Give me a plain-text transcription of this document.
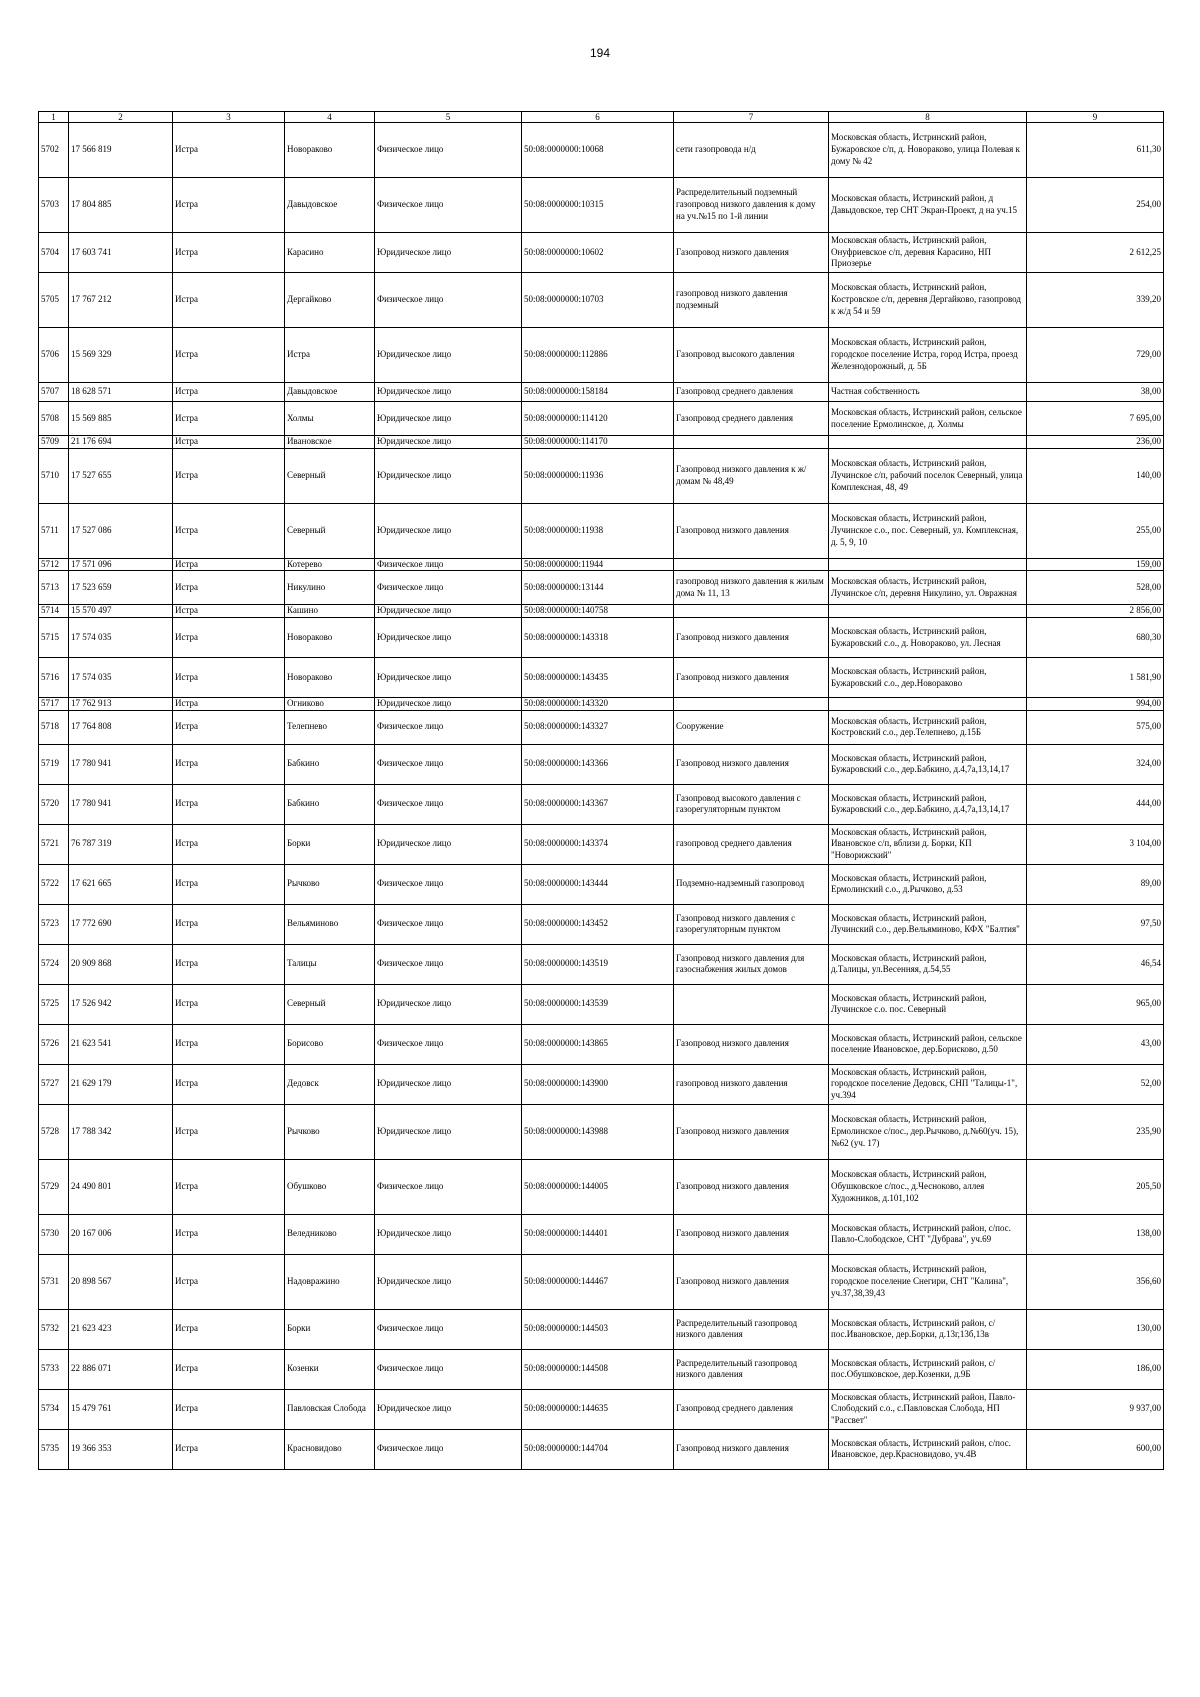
194
1	2	3	4	5	6	7	8	9
5702	17 566 819	Истра	Новораково	Физическое лицо	50:08:0000000:10068	сети газопровода н/д	Московская область, Истринский район, Бужаровское с/п, д. Новораково, улица Полевая к дому № 42	611,30
5703	17 804 885	Истра	Давыдовское	Физическое лицо	50:08:0000000:10315	Распределительный подземный газопровод низкого давления к дому на уч.№15 по 1-й линии	Московская область, Истринский район, д Давыдовское, тер СНТ Экран-Проект, д на уч.15	254,00
5704	17 603 741	Истра	Карасино	Юридическое лицо	50:08:0000000:10602	Газопровод низкого давления	Московская область, Истринский район, Онуфриевское с/п, деревня Карасино, НП Приозерье	2 612,25
5705	17 767 212	Истра	Дергайково	Физическое лицо	50:08:0000000:10703	газопровод низкого давления подземный	Московская область, Истринский район, Костровское с/п, деревня Дергайково, газопровод к ж/д 54 и 59	339,20
5706	15 569 329	Истра	Истра	Юридическое лицо	50:08:0000000:112886	Газопровод высокого давления	Московская область, Истринский район, городское поселение Истра, город Истра, проезд Железнодорожный, д. 5Б	729,00
5707	18 628 571	Истра	Давыдовское	Юридическое лицо	50:08:0000000:158184	Газопровод среднего давления	Частная собственность	38,00
5708	15 569 885	Истра	Холмы	Юридическое лицо	50:08:0000000:114120	Газопровод среднего давления	Московская область, Истринский район, сельское поселение Ермолинское, д. Холмы	7 695,00
5709	21 176 694	Истра	Ивановское	Юридическое лицо	50:08:0000000:114170			236,00
5710	17 527 655	Истра	Северный	Юридическое лицо	50:08:0000000:11936	Газопровод низкого давления к ж/домам № 48,49	Московская область, Истринский район, Лучинское с/п, рабочий поселок Северный, улица Комплексная, 48, 49	140,00
5711	17 527 086	Истра	Северный	Юридическое лицо	50:08:0000000:11938	Газопровод низкого давления	Московская область, Истринский район, Лучинское с.о., пос. Северный, ул. Комплексная, д. 5, 9, 10	255,00
5712	17 571 096	Истра	Котерево	Физическое лицо	50:08:0000000:11944			159,00
5713	17 523 659	Истра	Никулино	Физическое лицо	50:08:0000000:13144	газопровод низкого давления к жилым дома № 11, 13	Московская область, Истринский район, Лучинское с/п, деревня Никулино, ул. Овражная	528,00
5714	15 570 497	Истра	Кашино	Юридическое лицо	50:08:0000000:140758			2 856,00
5715	17 574 035	Истра	Новораково	Юридическое лицо	50:08:0000000:143318	Газопровод низкого давления	Московская область, Истринский район, Бужаровский с.о., д. Новораково, ул. Лесная	680,30
5716	17 574 035	Истра	Новораково	Юридическое лицо	50:08:0000000:143435	Газопровод низкого давления	Московская область, Истринский район, Бужаровский с.о., дер.Новораково	1 581,90
5717	17 762 913	Истра	Огниково	Юридическое лицо	50:08:0000000:143320			994,00
5718	17 764 808	Истра	Телепнево	Физическое лицо	50:08:0000000:143327	Сооружение	Московская область, Истринский район, Костровский с.о., дер.Телепнево, д.15Б	575,00
5719	17 780 941	Истра	Бабкино	Физическое лицо	50:08:0000000:143366	Газопровод низкого давления	Московская область, Истринский район, Бужаровский с.о., дер.Бабкино, д.4,7а,13,14,17	324,00
5720	17 780 941	Истра	Бабкино	Физическое лицо	50:08:0000000:143367	Газопровод высокого давления с газорегуляторным пунктом	Московская область, Истринский район, Бужаровский с.о., дер.Бабкино, д.4,7а,13,14,17	444,00
5721	76 787 319	Истра	Борки	Юридическое лицо	50:08:0000000:143374	газопровод среднего давления	Московская область, Истринский район, Ивановское с/п, вблизи д. Борки, КП "Новорижский"	3 104,00
5722	17 621 665	Истра	Рычково	Физическое лицо	50:08:0000000:143444	Подземно-надземный газопровод	Московская область, Истринский район, Ермолинский с.о., д.Рычково, д.53	89,00
5723	17 772 690	Истра	Вельяминово	Физическое лицо	50:08:0000000:143452	Газопровод низкого давления с газорегуляторным пунктом	Московская область, Истринский район, Лучинский с.о., дер.Вельяминово, КФХ "Балтия"	97,50
5724	20 909 868	Истра	Талицы	Физическое лицо	50:08:0000000:143519	Газопровод низкого давления для газоснабжения жилых домов	Московская область, Истринский район, д.Талицы, ул.Весенняя, д.54,55	46,54
5725	17 526 942	Истра	Северный	Юридическое лицо	50:08:0000000:143539		Московская область, Истринский район, Лучинское с.о. пос. Северный	965,00
5726	21 623 541	Истра	Борисово	Физическое лицо	50:08:0000000:143865	Газопровод низкого давления	Московская область, Истринский район, сельское поселение Ивановское, дер.Борисково, д.50	43,00
5727	21 629 179	Истра	Дедовск	Юридическое лицо	50:08:0000000:143900	газопровод низкого давления	Московская область, Истринский район, городское поселение Дедовск, СНП "Талицы-1", уч.394	52,00
5728	17 788 342	Истра	Рычково	Юридическое лицо	50:08:0000000:143988	Газопровод низкого давления	Московская область, Истринский район, Ермолинское с/пос., дер.Рычково, д.№60(уч. 15), №62 (уч. 17)	235,90
5729	24 490 801	Истра	Обушково	Физическое лицо	50:08:0000000:144005	Газопровод низкого давления	Московская область, Истринский район, Обушковское с/пос., д.Чесноково, аллея Художников, д.101,102	205,50
5730	20 167 006	Истра	Веледниково	Юридическое лицо	50:08:0000000:144401	Газопровод низкого давления	Московская область, Истринский район, с/пос. Павло-Слободское, СНТ "Дубрава", уч.69	138,00
5731	20 898 567	Истра	Надовражино	Юридическое лицо	50:08:0000000:144467	Газопровод низкого давления	Московская область, Истринский район, городское поселение Снегири, СНТ "Калина", уч.37,38,39,43	356,60
5732	21 623 423	Истра	Борки	Физическое лицо	50:08:0000000:144503	Распределительный газопровод низкого давления	Московская область, Истринский район, с/пос.Ивановское, дер.Борки, д.13г,13б,13в	130,00
5733	22 886 071	Истра	Козенки	Физическое лицо	50:08:0000000:144508	Распределительный газопровод низкого давления	Московская область, Истринский район, с/пос.Обушковское, дер.Козенки, д.9Б	186,00
5734	15 479 761	Истра	Павловская Слобода	Юридическое лицо	50:08:0000000:144635	Газопровод среднего давления	Московская область, Истринский район, Павло-Слободский с.о., с.Павловская Слобода, НП "Рассвет"	9 937,00
5735	19 366 353	Истра	Красновидово	Физическое лицо	50:08:0000000:144704	Газопровод низкого давления	Московская область, Истринский район, с/пос. Ивановское, дер.Красновидово, уч.4В	600,00
